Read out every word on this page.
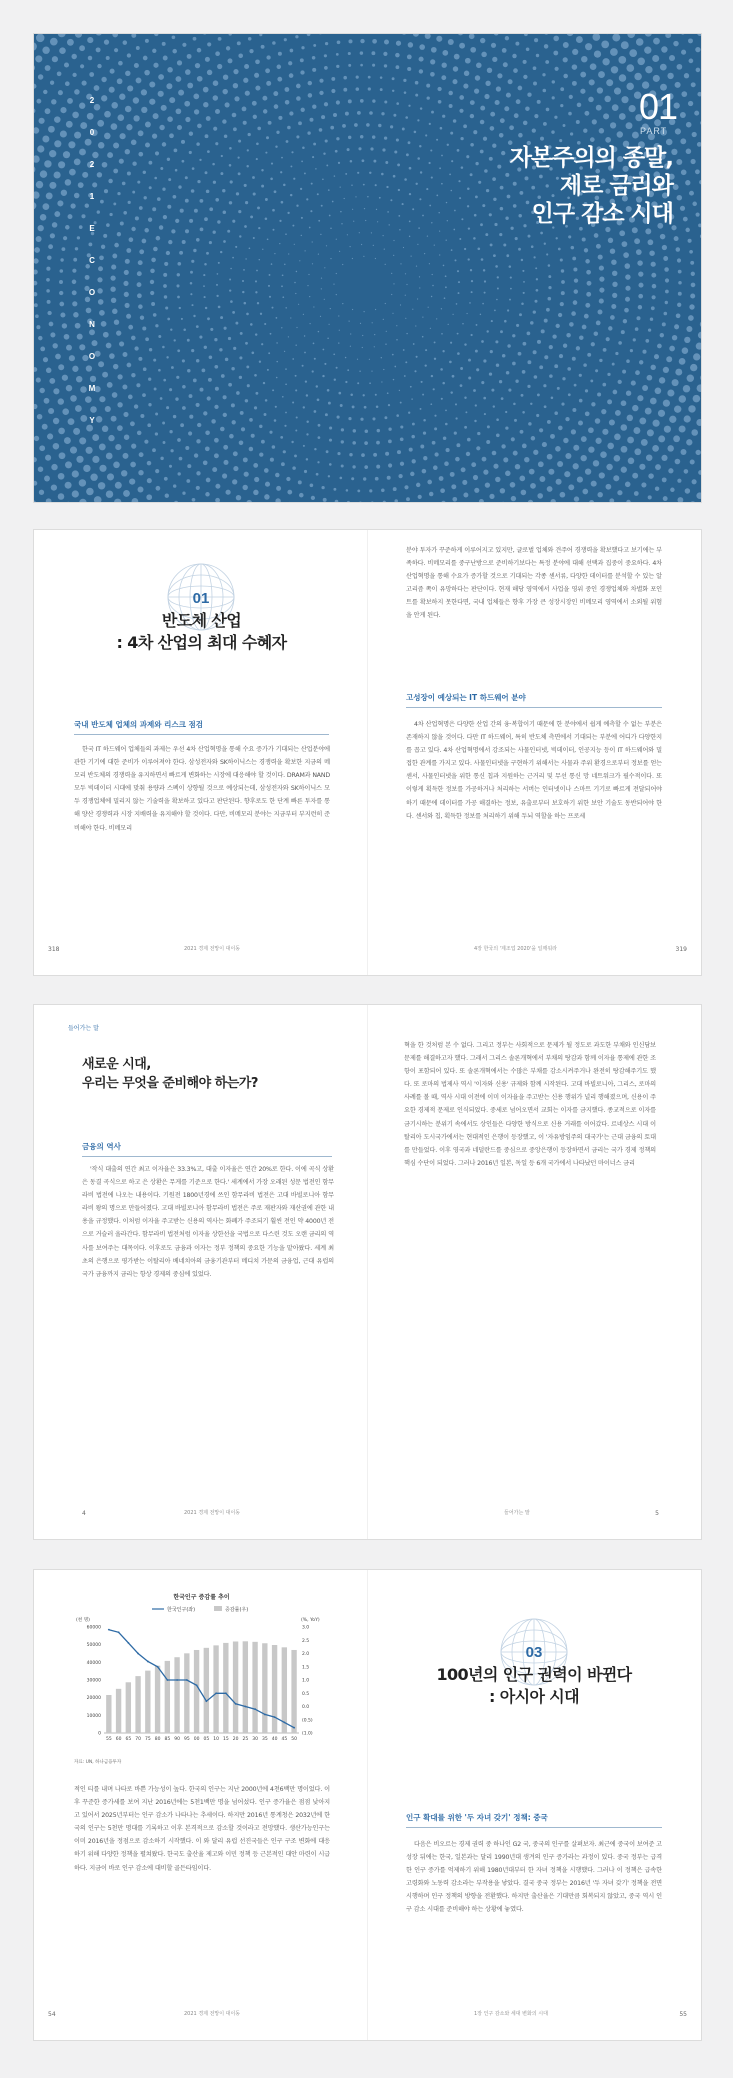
2
0
2
1
E
C
O
N
O
M
Y
01
PART
자본주의의 종말,
제로 금리와
인구 감소 시대
01
반도체 산업
: 4차 산업의 최대 수혜자
국내 반도체 업체의 과제와 리스크 점검
한국 IT 하드웨어 업체들의 과제는 우선 4차 산업혁명을 통해 수요 증가가 기대되는 산업분야에 관한 기기에 대한 준비가 이루어져야 한다. 삼성전자와 SK하이닉스는 경쟁력을 확보한 지금의 메모리 반도체의 경쟁력을 유지하면서 빠르게 변화하는 시장에 대응해야 할 것이다. DRAM과 NAND 모두 빅데이터 시대에 맞춰 용량과 스펙이 상향될 것으로 예상되는데, 삼성전자와 SK하이닉스 모두 경쟁업체에 밀리지 않는 기술력을 확보하고 있다고 판단된다. 향후로도 한 단계 빠른 투자를 통해 양산 경쟁력과 시장 지배력을 유지해야 할 것이다. 다만, 비메모리 분야는 지금부터 부지런히 준비해야 한다. 비메모리
318	2021 경제 전망이 대이동
분야 투자가 꾸준하게 이루어지고 있지만, 글로벌 업체와 견주어 경쟁력을 확보했다고 보기에는 부족하다. 비메모리를 중구난방으로 준비하기보다는 특정 분야에 대해 선택과 집중이 중요하다. 4차 산업혁명을 통해 수요가 증가할 것으로 기대되는 각종 센서류, 다양한 데이터를 분석할 수 있는 알고리즘 쪽이 유망하다는 판단이다. 현재 해당 영역에서 사업을 영위 중인 경쟁업체와 차별화 포인트를 확보하지 못한다면, 국내 업체들은 향후 가장 큰 성장시장인 비메모리 영역에서 소외될 위험을 안게 된다.
고성장이 예상되는 IT 하드웨어 분야
4차 산업혁명은 다양한 산업 간의 융·복합이기 때문에 한 분야에서 쉽게 예측할 수 없는 부분은 존재하지 않을 것이다. 다만 IT 하드웨어, 특히 반도체 측면에서 기대되는 부분에 어디가 다양한지를 꼽고 있다. 4차 산업혁명에서 강조되는 사물인터넷, 빅데이터, 인공지능 등이 IT 하드웨어와 밀접한 관계를 가지고 있다. 사물인터넷을 구현하기 위해서는 사물과 주위 환경으로부터 정보를 얻는 센서, 사물인터넷을 위한 통신 칩과 지원하는 근거리 및 무선 통신 망 네트워크가 필수적이다. 또 이렇게 획득한 정보를 가공하거나 처리하는 서버는 인터넷이나 스마트 기기로 빠르게 전달되어야 하기 때문에 데이터를 가공 해결하는 정보, 유출로부터 보호하기 위한 보안 기술도 동반되어야 한다. 센서와 칩, 획득한 정보를 처리하기 위해 두뇌 역할을 하는 프로세
4장 한국의 '제조업 2020'을 일깨워라	319
들어가는 말
새로운 시대,
우리는 무엇을 준비해야 하는가?
금융의 역사
'작식 대출의 연간 최고 이자율은 33.3%고, 대출 이자율은 연간 20%로 한다. 이에 곡식 상환은 동결 곡식으로 하고 은 상환은 무게를 기준으로 한다.' 세계에서 가장 오래된 성문 법전인 함무라비 법전에 나오는 내용이다. 기원전 1800년경에 쓰인 함무라비 법전은 고대 바빌로니아 함무라비 왕의 명으로 만들어졌다. 고대 바빌로니아 함무라비 법전은 주로 재판자와 재산권에 관한 내용을 규정했다. 이처럼 이자율 주고받는 신용의 역사는 화폐가 주조되기 훨씬 전인 약 4000년 전으로 거슬러 올라간다. 함무라비 법전처럼 이자율 상한선을 국법으로 다스린 것도 오랜 금리의 역사를 보여주는 대목이다. 이후로도 금융과 이자는 정부 정책의 중요한 기능을 맡아왔다. 세계 최초의 은행으로 평가받는 이탈리아 베네치아의 금융기관부터 메디치 가문의 금융업, 근대 유럽의 국가 금융까지 금리는 항상 경제의 중심에 있었다.
4	2021 경제 전망이 대이동
혁을 한 것처럼 본 수 없다. 그리고 정부는 사회적으로 문제가 될 정도로 과도한 부채와 인신담보 문제를 해결하고자 했다. 그래서 그리스 솔론개혁에서 부채의 탕감과 함께 이자율 통제에 관한 조항이 포함되어 있다. 또 솔론개혁에서는 수많은 부채를 감소시켜주거나 완전히 탕감해주기도 했다. 또 로마의 법제사 역시 '이자와 신용' 규제와 함께 시작된다. 고대 바빌로니아, 그리스, 로마의 사례를 볼 때, 역사 시대 이전에 이미 이자율을 주고받는 신용 행위가 널리 행해졌으며, 신용이 주요한 경제적 문제로 인식되었다. 중세로 넘어오면서 교회는 이자를 금지했다. 종교적으로 이자를 금기시하는 분위기 속에서도 상인들은 다양한 방식으로 신용 거래를 이어갔다. 르네상스 시대 이탈리아 도시국가에서는 현대적인 은행이 등장했고, 이 '자유방임주의 대국가'는 근대 금융의 토대를 만들었다. 이후 영국과 네덜란드를 중심으로 중앙은행이 등장하면서 금리는 국가 경제 정책의 핵심 수단이 되었다. 그러나 2016년 일본, 독일 등 6개 국가에서 나타났던 마이너스 금리
들어가는 말	5
한국인구 증감률 추이
한국인구(좌)	증감률(우)
(천 명)	(%, YoY)
60000
50000
40000
30000
20000
10000
0
3.0
2.5
2.0
1.5
1.0
0.5
0.0
(0.5)
(1.0)
55 60 65 70 75 80 85 90 95 00 05 10 15 20 25 30 35 40 45 50
자료: UN, 하나금융투자
적인 티를 내며 나타로 바쁜 가능성이 높다. 한국의 인구는 지난 2000년에 4천6백만 명이었다. 이후 꾸준한 증가세를 보여 지난 2016년에는 5천1백만 명을 넘어섰다. 인구 증가율은 점점 낮아지고 있어서 2025년부터는 인구 감소가 나타나는 추세이다. 하지만 2016년 통계청은 2032년에 한국의 인구는 5천만 명대를 기록하고 이후 본격적으로 감소할 것이라고 전망했다. 생산가능인구는 이미 2016년을 정점으로 감소하기 시작했다. 이 와 달리 유럽 선진국들은 인구 구조 변화에 대응하기 위해 다양한 정책을 펼쳐왔다. 한국도 출산율 제고와 이민 정책 등 근본적인 대안 마련이 시급하다. 지금이 바로 인구 감소에 대비할 골든타임이다.
54	2021 경제 전망이 대이동
03
100년의 인구 권력이 바뀐다
: 아시아 시대
인구 확대를 위한 '두 자녀 갖기' 정책: 중국
다음은 비오르는 경제 권력 중 하나인 G2 국, 중국의 인구를 살펴보자. 최근에 중국이 보여준 고성장 뒤에는 한국, 일본과는 달리 1990년대 생겨의 인구 증가라는 과정이 있다. 중국 정부는 급격한 인구 증가를 억제하기 위해 1980년대부터 한 자녀 정책을 시행했다. 그러나 이 정책은 급속한 고령화와 노동력 감소라는 부작용을 낳았다. 결국 중국 정부는 2016년 '두 자녀 갖기' 정책을 전면 시행하며 인구 정책의 방향을 전환했다. 하지만 출산율은 기대만큼 회복되지 않았고, 중국 역시 인구 감소 시대를 준비해야 하는 상황에 놓였다.
1장 인구 감소와 세대 변화의 시대	55
